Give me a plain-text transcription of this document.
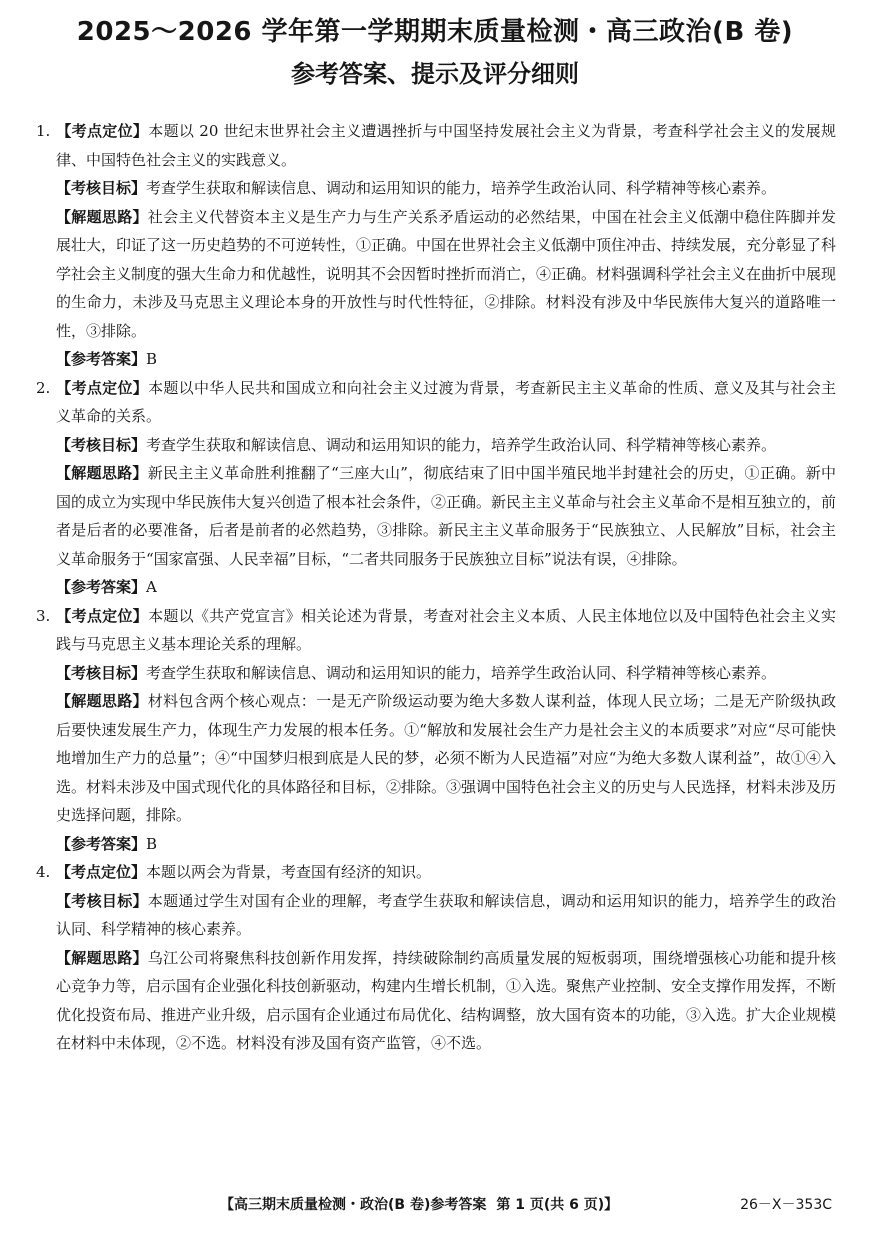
2025～2026 学年第一学期期末质量检测・高三政治(B 卷)
参考答案、提示及评分细则

1. 【考点定位】本题以 20 世纪末世界社会主义遭遇挫折与中国坚持发展社会主义为背景，考查科学社会主义的发展规律、中国特色社会主义的实践意义。

【考核目标】考查学生获取和解读信息、调动和运用知识的能力，培养学生政治认同、科学精神等核心素养。

【解题思路】社会主义代替资本主义是生产力与生产关系矛盾运动的必然结果，中国在社会主义低潮中稳住阵脚并发展壮大，印证了这一历史趋势的不可逆转性，①正确。中国在世界社会主义低潮中顶住冲击、持续发展，充分彰显了科学社会主义制度的强大生命力和优越性，说明其不会因暂时挫折而消亡，④正确。材料强调科学社会主义在曲折中展现的生命力，未涉及马克思主义理论本身的开放性与时代性特征，②排除。材料没有涉及中华民族伟大复兴的道路唯一性，③排除。

【参考答案】B

2. 【考点定位】本题以中华人民共和国成立和向社会主义过渡为背景，考查新民主主义革命的性质、意义及其与社会主义革命的关系。

【考核目标】考查学生获取和解读信息、调动和运用知识的能力，培养学生政治认同、科学精神等核心素养。

【解题思路】新民主主义革命胜利推翻了“三座大山”，彻底结束了旧中国半殖民地半封建社会的历史，①正确。新中国的成立为实现中华民族伟大复兴创造了根本社会条件，②正确。新民主主义革命与社会主义革命不是相互独立的，前者是后者的必要准备，后者是前者的必然趋势，③排除。新民主主义革命服务于“民族独立、人民解放”目标，社会主义革命服务于“国家富强、人民幸福”目标，“二者共同服务于民族独立目标”说法有误，④排除。

【参考答案】A

3. 【考点定位】本题以《共产党宣言》相关论述为背景，考查对社会主义本质、人民主体地位以及中国特色社会主义实践与马克思主义基本理论关系的理解。

【考核目标】考查学生获取和解读信息、调动和运用知识的能力，培养学生政治认同、科学精神等核心素养。

【解题思路】材料包含两个核心观点：一是无产阶级运动要为绝大多数人谋利益，体现人民立场；二是无产阶级执政后要快速发展生产力，体现生产力发展的根本任务。①“解放和发展社会生产力是社会主义的本质要求”对应“尽可能快地增加生产力的总量”；④“中国梦归根到底是人民的梦，必须不断为人民造福”对应“为绝大多数人谋利益”，故①④入选。材料未涉及中国式现代化的具体路径和目标，②排除。③强调中国特色社会主义的历史与人民选择，材料未涉及历史选择问题，排除。

【参考答案】B

4. 【考点定位】本题以两会为背景，考查国有经济的知识。

【考核目标】本题通过学生对国有企业的理解，考查学生获取和解读信息，调动和运用知识的能力，培养学生的政治认同、科学精神的核心素养。

【解题思路】乌江公司将聚焦科技创新作用发挥，持续破除制约高质量发展的短板弱项，围绕增强核心功能和提升核心竞争力等，启示国有企业强化科技创新驱动，构建内生增长机制，①入选。聚焦产业控制、安全支撑作用发挥，不断优化投资布局、推进产业升级，启示国有企业通过布局优化、结构调整，放大国有资本的功能，③入选。扩大企业规模在材料中未体现，②不选。材料没有涉及国有资产监管，④不选。

【高三期末质量检测・政治(B 卷)参考答案 第 1 页(共 6 页)】	26－X－353C
